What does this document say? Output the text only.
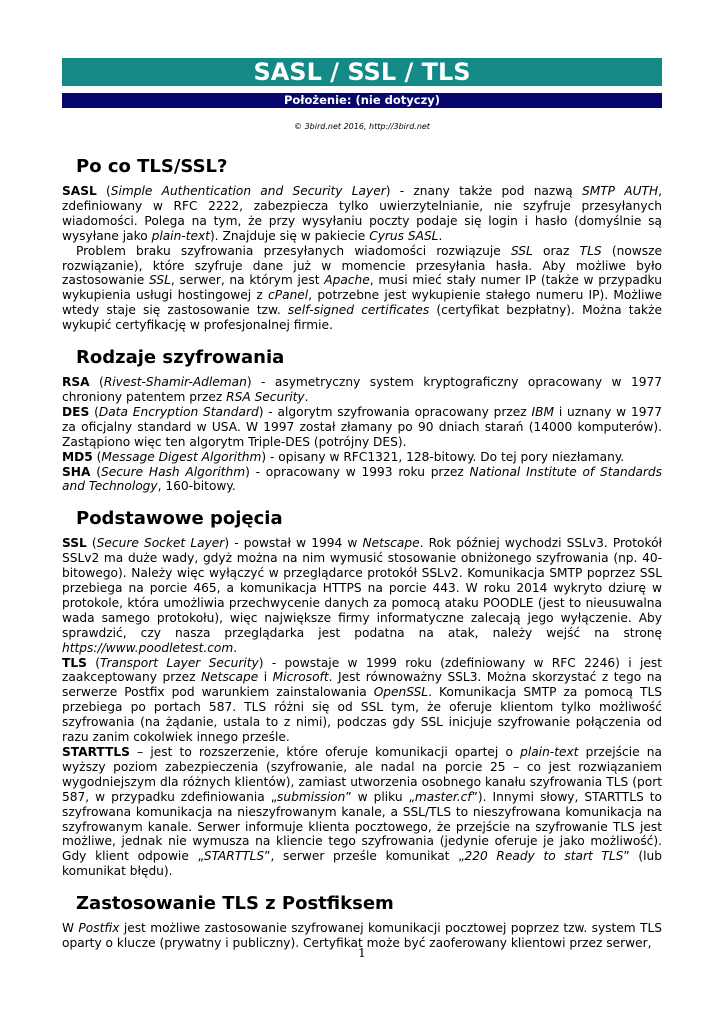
SASL / SSL / TLS
Położenie: (nie dotyczy)
© 3bird.net 2016, http://3bird.net
Po co TLS/SSL?

SASL (Simple Authentication and Security Layer) - znany także pod nazwą SMTP AUTH, zdefiniowany w RFC 2222, zabezpiecza tylko uwierzytelnianie, nie szyfruje przesyłanych wiadomości. Polega na tym, że przy wysyłaniu poczty podaje się login i hasło (domyślnie są wysyłane jako plain-text). Znajduje się w pakiecie Cyrus SASL.

Problem braku szyfrowania przesyłanych wiadomości rozwiązuje SSL oraz TLS (nowsze rozwiązanie), które szyfruje dane już w momencie przesyłania hasła. Aby możliwe było zastosowanie SSL, serwer, na którym jest Apache, musi mieć stały numer IP (także w przypadku wykupienia usługi hostingowej z cPanel, potrzebne jest wykupienie stałego numeru IP). Możliwe wtedy staje się zastosowanie tzw. self-signed certificates (certyfikat bezpłatny). Można także wykupić certyfikację w profesjonalnej firmie.

Rodzaje szyfrowania

RSA (Rivest-Shamir-Adleman) - asymetryczny system kryptograficzny opracowany w 1977 chroniony patentem przez RSA Security.

DES (Data Encryption Standard) - algorytm szyfrowania opracowany przez IBM i uznany w 1977 za oficjalny standard w USA. W 1997 został złamany po 90 dniach starań (14000 komputerów). Zastąpiono więc ten algorytm Triple-DES (potrójny DES).

MD5 (Message Digest Algorithm) - opisany w RFC1321, 128-bitowy. Do tej pory niezłamany.

SHA (Secure Hash Algorithm) - opracowany w 1993 roku przez National Institute of Standards and Technology, 160-bitowy.

Podstawowe pojęcia

SSL (Secure Socket Layer) - powstał w 1994 w Netscape. Rok później wychodzi SSLv3. Protokół SSLv2 ma duże wady, gdyż można na nim wymusić stosowanie obniżonego szyfrowania (np. 40-bitowego). Należy więc wyłączyć w przeglądarce protokół SSLv2. Komunikacja SMTP poprzez SSL przebiega na porcie 465, a komunikacja HTTPS na porcie 443. W roku 2014 wykryto dziurę w protokole, która umożliwia przechwycenie danych za pomocą ataku POODLE (jest to nieusuwalna wada samego protokołu), więc największe firmy informatyczne zalecają jego wyłączenie. Aby sprawdzić, czy nasza przeglądarka jest podatna na atak, należy wejść na stronę https://www.poodletest.com.

TLS (Transport Layer Security) - powstaje w 1999 roku (zdefiniowany w RFC 2246) i jest zaakceptowany przez Netscape i Microsoft. Jest równoważny SSL3. Można skorzystać z tego na serwerze Postfix pod warunkiem zainstalowania OpenSSL. Komunikacja SMTP za pomocą TLS przebiega po portach 587. TLS różni się od SSL tym, że oferuje klientom tylko możliwość szyfrowania (na żądanie, ustala to z nimi), podczas gdy SSL inicjuje szyfrowanie połączenia od razu zanim cokolwiek innego prześle.

STARTTLS – jest to rozszerzenie, które oferuje komunikacji opartej o plain-text przejście na wyższy poziom zabezpieczenia (szyfrowanie, ale nadal na porcie 25 – co jest rozwiązaniem wygodniejszym dla różnych klientów), zamiast utworzenia osobnego kanału szyfrowania TLS (port 587, w przypadku zdefiniowania „submission” w pliku „master.cf”). Innymi słowy, STARTTLS to szyfrowana komunikacja na nieszyfrowanym kanale, a SSL/TLS to nieszyfrowana komunikacja na szyfrowanym kanale. Serwer informuje klienta pocztowego, że przejście na szyfrowanie TLS jest możliwe, jednak nie wymusza na kliencie tego szyfrowania (jedynie oferuje je jako możliwość). Gdy klient odpowie „STARTTLS”, serwer prześle komunikat „220 Ready to start TLS” (lub komunikat błędu).

Zastosowanie TLS z Postfiksem

W Postfix jest możliwe zastosowanie szyfrowanej komunikacji pocztowej poprzez tzw. system TLS oparty o klucze (prywatny i publiczny). Certyfikat może być zaoferowany klientowi przez serwer,

1
